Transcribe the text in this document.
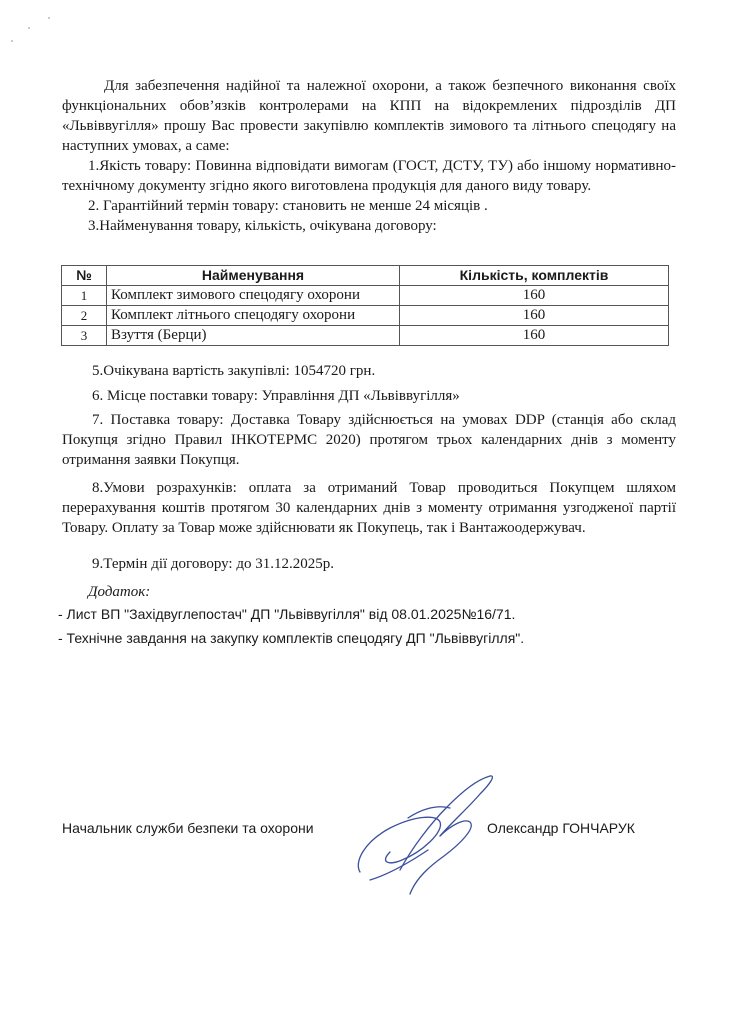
Для забезпечення надійної та належної охорони, а також безпечного виконання своїх функціональних обов’язків контролерами на КПП на відокремлених підрозділів ДП «Львіввугілля» прошу Вас провести закупівлю комплектів зимового та літнього спецодягу на наступних умовах, а саме:

1.Якість товару: Повинна відповідати вимогам (ГОСТ, ДСТУ, ТУ) або іншому нормативно-технічному документу згідно якого виготовлена продукція для даного виду товару.

2. Гарантійний термін товару: становить не менше 24 місяців .

3.Найменування товару, кількість, очікувана договору:

№	Найменування	Кількість, комплектів
1	Комплект зимового спецодягу охорони	160
2	Комплект літнього спецодягу охорони	160
3	Взуття (Берци)	160

5.Очікувана вартість закупівлі: 1054720 грн.

6. Місце поставки товару: Управління ДП «Львіввугілля»

7. Поставка товару: Доставка Товару здійснюється на умовах DDP (станція або склад Покупця згідно Правил ІНКОТЕРМС 2020) протягом трьох календарних днів з моменту отримання заявки Покупця.

8.Умови розрахунків: оплата за отриманий Товар проводиться Покупцем шляхом перерахування коштів протягом 30 календарних днів з моменту отримання узгодженої партії Товару. Оплату за Товар може здійснювати як Покупець, так і Вантажоодержувач.

9.Термін дії договору: до 31.12.2025р.

Додаток:

- Лист ВП "Західвуглепостач" ДП "Львіввугілля" від 08.01.2025№16/71.

- Технічне завдання на закупку комплектів спецодягу ДП "Львіввугілля".

Начальник служби безпеки та охорони	Олександр ГОНЧАРУК
